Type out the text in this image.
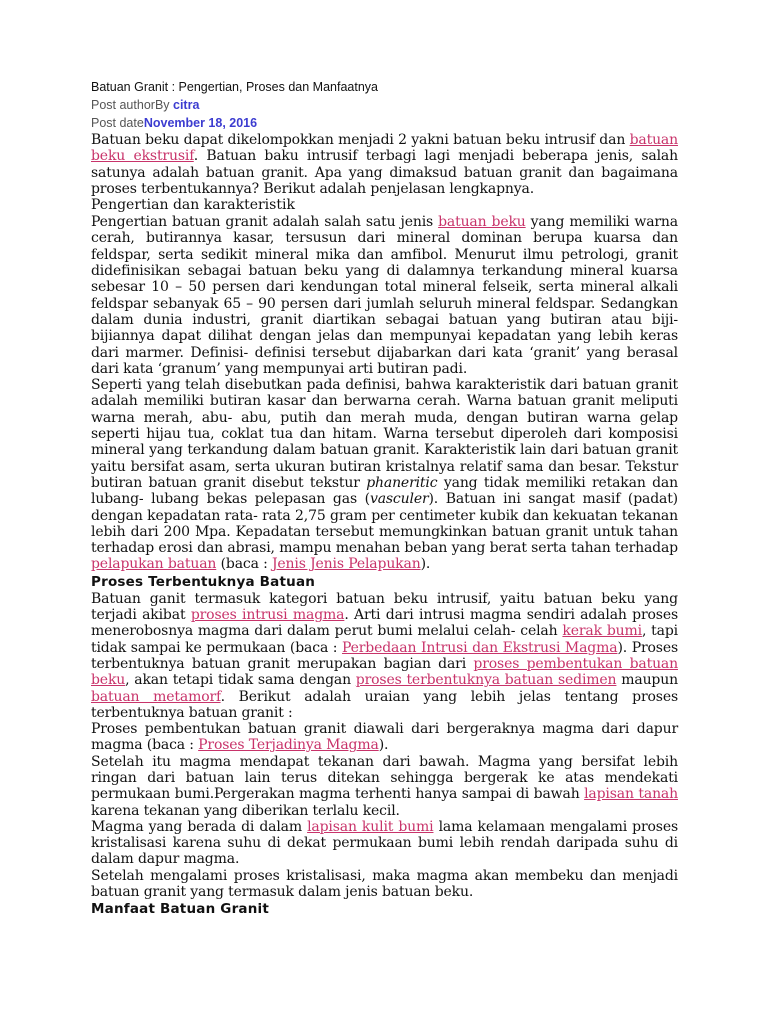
Batuan Granit : Pengertian, Proses dan Manfaatnya
Post authorBy citra
Post dateNovember 18, 2016

Batuan beku dapat dikelompokkan menjadi 2 yakni batuan beku intrusif dan batuan beku ekstrusif. Batuan baku intrusif terbagi lagi menjadi beberapa jenis, salah satunya adalah batuan granit. Apa yang dimaksud batuan granit dan bagaimana proses terbentukannya? Berikut adalah penjelasan lengkapnya.

Pengertian dan karakteristik

Pengertian batuan granit adalah salah satu jenis batuan beku yang memiliki warna cerah, butirannya kasar, tersusun dari mineral dominan berupa kuarsa dan feldspar, serta sedikit mineral mika dan amfibol. Menurut ilmu petrologi, granit didefinisikan sebagai batuan beku yang di dalamnya terkandung mineral kuarsa sebesar 10 – 50 persen dari kendungan total mineral felseik, serta mineral alkali feldspar sebanyak 65 – 90 persen dari jumlah seluruh mineral feldspar. Sedangkan dalam dunia industri, granit diartikan sebagai batuan yang butiran atau biji- bijiannya dapat dilihat dengan jelas dan mempunyai kepadatan yang lebih keras dari marmer. Definisi- definisi tersebut dijabarkan dari kata ‘granit’ yang berasal dari kata ‘granum’ yang mempunyai arti butiran padi.

Seperti yang telah disebutkan pada definisi, bahwa karakteristik dari batuan granit adalah memiliki butiran kasar dan berwarna cerah. Warna batuan granit meliputi warna merah, abu- abu, putih dan merah muda, dengan butiran warna gelap seperti hijau tua, coklat tua dan hitam. Warna tersebut diperoleh dari komposisi mineral yang terkandung dalam batuan granit. Karakteristik lain dari batuan granit yaitu bersifat asam, serta ukuran butiran kristalnya relatif sama dan besar. Tekstur butiran batuan granit disebut tekstur phaneritic yang tidak memiliki retakan dan lubang- lubang bekas pelepasan gas (vasculer). Batuan ini sangat masif (padat) dengan kepadatan rata- rata 2,75 gram per centimeter kubik dan kekuatan tekanan lebih dari 200 Mpa. Kepadatan tersebut memungkinkan batuan granit untuk tahan terhadap erosi dan abrasi, mampu menahan beban yang berat serta tahan terhadap pelapukan batuan (baca : Jenis Jenis Pelapukan).

Proses Terbentuknya Batuan

Batuan ganit termasuk kategori batuan beku intrusif, yaitu batuan beku yang terjadi akibat proses intrusi magma. Arti dari intrusi magma sendiri adalah proses menerobosnya magma dari dalam perut bumi melalui celah- celah kerak bumi, tapi tidak sampai ke permukaan (baca : Perbedaan Intrusi dan Ekstrusi Magma). Proses terbentuknya batuan granit merupakan bagian dari proses pembentukan batuan beku, akan tetapi tidak sama dengan proses terbentuknya batuan sedimen maupun batuan metamorf. Berikut adalah uraian yang lebih jelas tentang proses terbentuknya batuan granit :

Proses pembentukan batuan granit diawali dari bergeraknya magma dari dapur magma (baca : Proses Terjadinya Magma).

Setelah itu magma mendapat tekanan dari bawah. Magma yang bersifat lebih ringan dari batuan lain terus ditekan sehingga bergerak ke atas mendekati permukaan bumi.Pergerakan magma terhenti hanya sampai di bawah lapisan tanah karena tekanan yang diberikan terlalu kecil.

Magma yang berada di dalam lapisan kulit bumi lama kelamaan mengalami proses kristalisasi karena suhu di dekat permukaan bumi lebih rendah daripada suhu di dalam dapur magma.

Setelah mengalami proses kristalisasi, maka magma akan membeku dan menjadi batuan granit yang termasuk dalam jenis batuan beku.

Manfaat Batuan Granit
